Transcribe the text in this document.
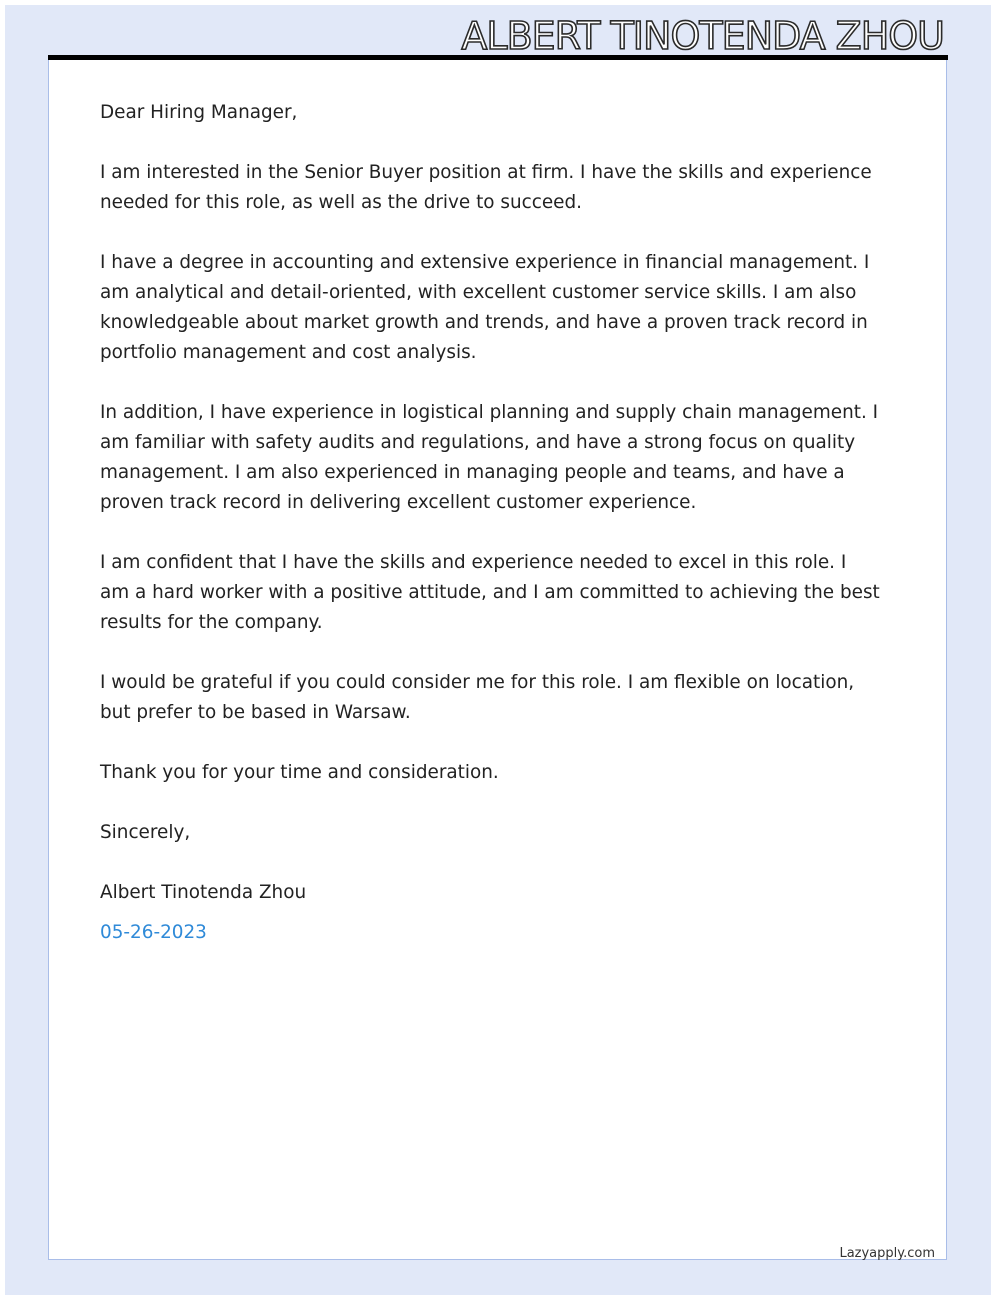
ALBERT TINOTENDA ZHOU

Dear Hiring Manager,

I am interested in the Senior Buyer position at firm. I have the skills and experience needed for this role, as well as the drive to succeed.

I have a degree in accounting and extensive experience in financial management. I am analytical and detail-oriented, with excellent customer service skills. I am also knowledgeable about market growth and trends, and have a proven track record in portfolio management and cost analysis.

In addition, I have experience in logistical planning and supply chain management. I am familiar with safety audits and regulations, and have a strong focus on quality management. I am also experienced in managing people and teams, and have a proven track record in delivering excellent customer experience.

I am confident that I have the skills and experience needed to excel in this role. I am a hard worker with a positive attitude, and I am committed to achieving the best results for the company.

I would be grateful if you could consider me for this role. I am flexible on location, but prefer to be based in Warsaw.

Thank you for your time and consideration.

Sincerely,

Albert Tinotenda Zhou

05-26-2023

Lazyapply.com
